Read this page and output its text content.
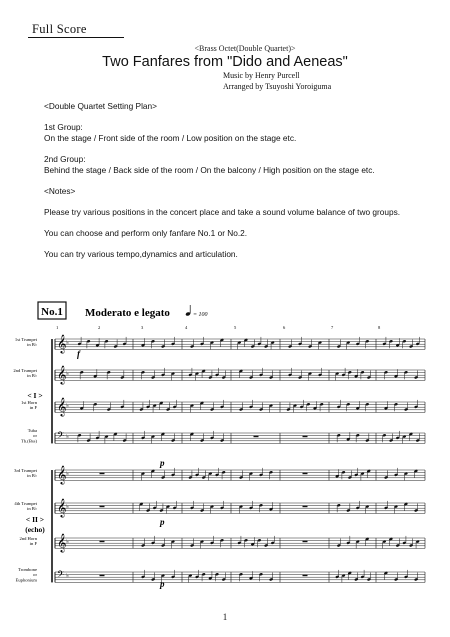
Full Score
<Brass Octet(Double Quartet)>
Two Fanfares from "Dido and Aeneas"
Music by Henry Purcell
Arranged by Tsuyoshi Yoroiguma

<Double Quartet Setting Plan>

1st Group:

On the stage / Front side of the room / Low position on the stage etc.

2nd Group:

Behind the stage / Back side of the room / On the balcony / High position on the stage etc.

<Notes>

Please try various positions in the concert place and take a sound volume balance of two groups.

You can choose and perform only fanfare No.1 or No.2.

You can try various tempo,dynamics and articulation.

No.1 Moderato e legato	= 100
1	2	3	4	5	6	7	8
𝄞 ♭
𝄞 ♭
𝄞 ♭
𝄢 ♭
𝄞 ♭
𝄞 ♭
𝄞 ♭
𝄢 ♭
1st Trumpet
in B♭
2nd Trumpet
in B♭
1st Horn
in F
Tuba
or
Tb.(Bss)
3rd Trumpet
in B♭
4th Trumpet
in B♭
2nd Horn
in F
Trombone
or
Euphonium
< I >
< II >
(echo)
f
p
p
p
1
